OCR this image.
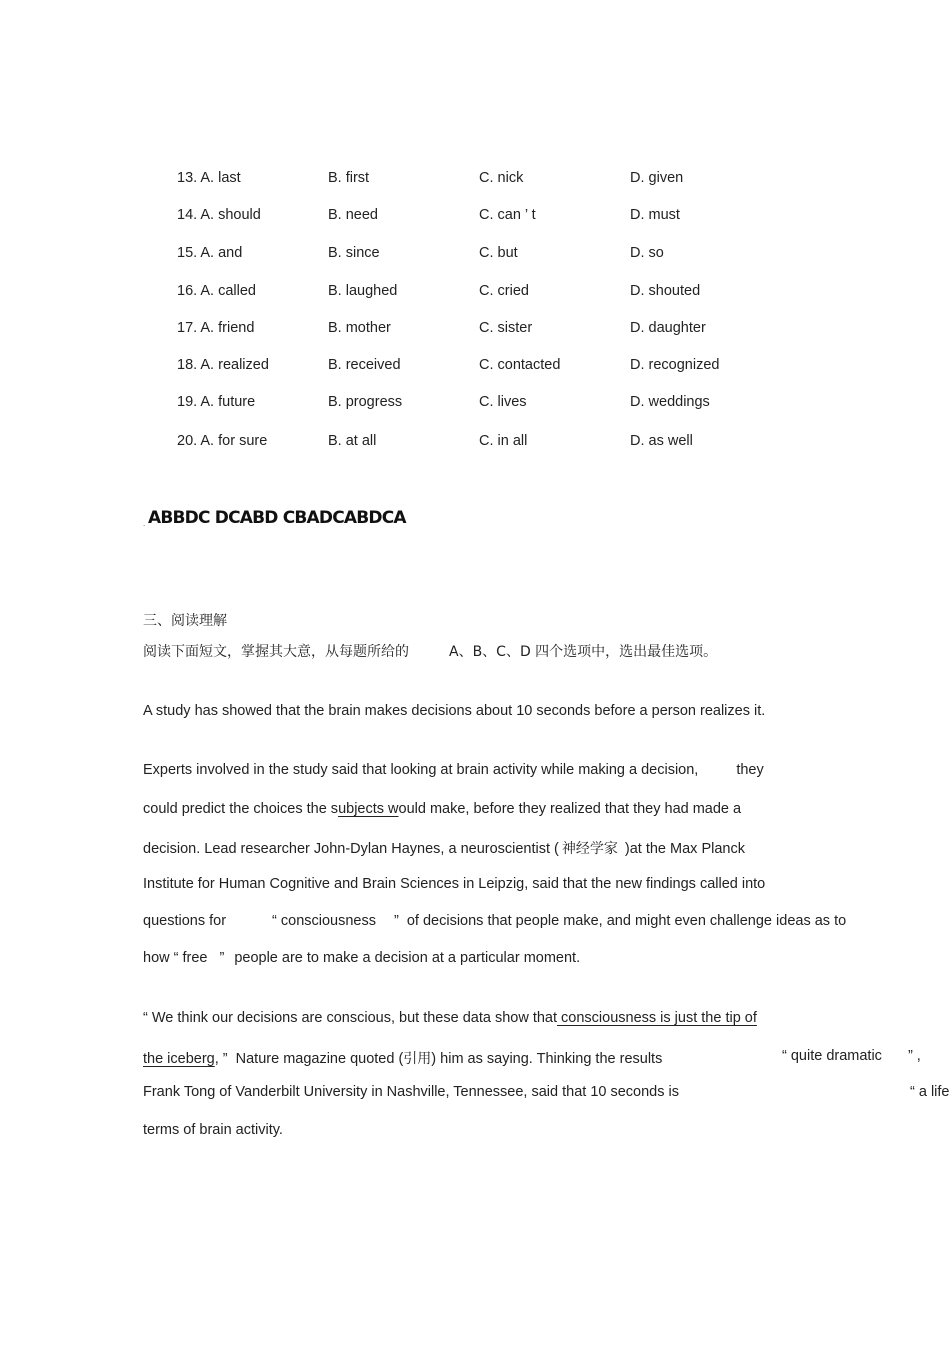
13. A. last	B. first	C. nick	D. given
14. A. should	B. need	C. can ’ t	D. must
15. A. and	B. since	C. but	D. so
16. A. called	B. laughed	C. cried	D. shouted
17. A. friend	B. mother	C. sister	D. daughter
18. A. realized	B. received	C. contacted	D. recognized
19. A. future	B. progress	C. lives	D. weddings
20. A. for sure	B. at all	C. in all	D. as well
. ABBDC DCABD CBADCABDCA
三、阅读理解
阅读下面短文，掌握其大意，从每题所给的	A、B、C、D 四个选项中，选出最佳选项。
A study has showed that the brain makes decisions about 10 seconds before a person realizes it.
Experts involved in the study said that looking at brain activity while making a decision,	they
could predict the choices the subjects would make, before they realized that they had made a
decision. Lead researcher John-Dylan Haynes, a neuroscientist ( 神经学家 )at the Max Planck
Institute for Human Cognitive and Brain Sciences in Leipzig, said that the new findings called into
questions for	“ consciousness ” of decisions that people make, and might even challenge ideas as to
how “ free ” people are to make a decision at a particular moment.
“ We think our decisions are conscious, but these data show that consciousness is just the tip of
the iceberg, ” Nature magazine quoted (引用) him as saying. Thinking the results	“ quite dramatic ” ,
Frank Tong of Vanderbilt University in Nashville, Tennessee, said that 10 seconds is	“ a life
terms of brain activity.
